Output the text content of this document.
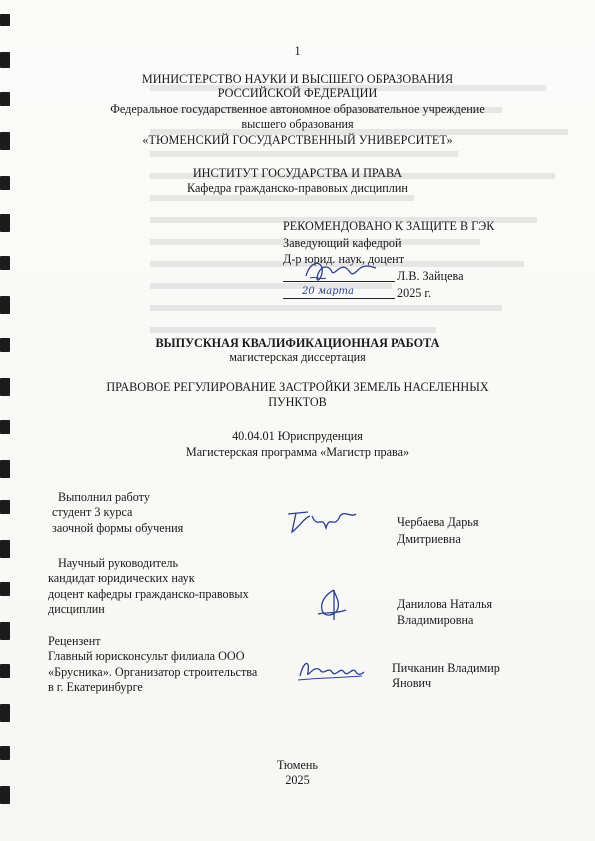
1
МИНИСТЕРСТВО НАУКИ И ВЫСШЕГО ОБРАЗОВАНИЯ
РОССИЙСКОЙ ФЕДЕРАЦИИ
Федеральное государственное автономное образовательное учреждение
высшего образования
«ТЮМЕНСКИЙ ГОСУДАРСТВЕННЫЙ УНИВЕРСИТЕТ»
ИНСТИТУТ ГОСУДАРСТВА И ПРАВА
Кафедра гражданско-правовых дисциплин
РЕКОМЕНДОВАНО К ЗАЩИТЕ В ГЭК
Заведующий кафедрой
Д-р юрид. наук, доцент
Л.В. Зайцева
2025 г.
20 марта
ВЫПУСКНАЯ КВАЛИФИКАЦИОННАЯ РАБОТА
магистерская диссертация
ПРАВОВОЕ РЕГУЛИРОВАНИЕ ЗАСТРОЙКИ ЗЕМЕЛЬ НАСЕЛЕННЫХ
ПУНКТОВ
40.04.01 Юриспруденция
Магистерская программа «Магистр права»
Выполнил работу
студент 3 курса
заочной формы обучения	Чербаева Дарья
Дмитриевна
Научный руководитель
кандидат юридических наук
доцент кафедры гражданско-правовых
дисциплин	Данилова Наталья
Владимировна
Рецензент
Главный юрисконсульт филиала ООО
«Брусника». Организатор строительства
в г. Екатеринбурге
Пичканин Владимир
Янович
Тюмень
2025
